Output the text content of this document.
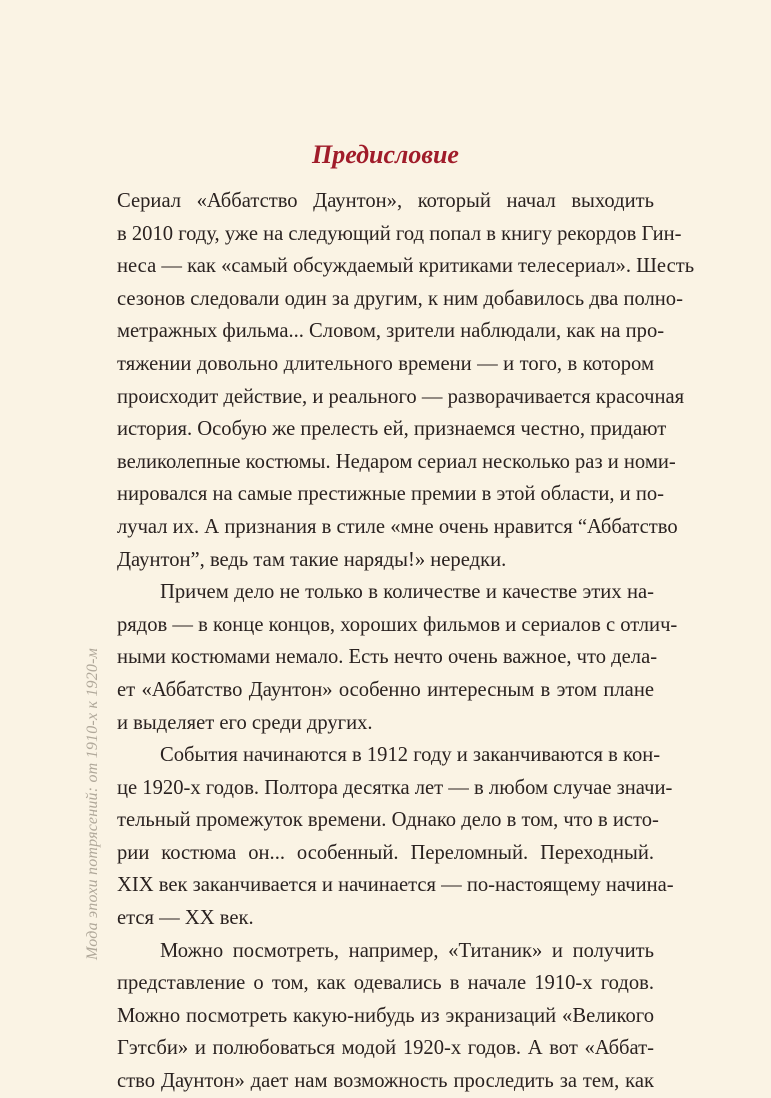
Мода эпохи потрясений: от 1910-х к 1920-м
Предисловие
Сериал «Аббатство Даунтон», который начал выходить
в 2010 году, уже на следующий год попал в книгу рекордов Гин-
неса — как «самый обсуждаемый критиками телесериал». Шесть
сезонов следовали один за другим, к ним добавилось два полно-
метражных фильма... Словом, зрители наблюдали, как на про-
тяжении довольно длительного времени — и того, в котором
происходит действие, и реального — разворачивается красочная
история. Особую же прелесть ей, признаемся честно, придают
великолепные костюмы. Недаром сериал несколько раз и номи-
нировался на самые престижные премии в этой области, и по-
лучал их. А признания в стиле «мне очень нравится “Аббатство
Даунтон”, ведь там такие наряды!» нередки.
Причем дело не только в количестве и качестве этих на-
рядов — в конце концов, хороших фильмов и сериалов с отлич-
ными костюмами немало. Есть нечто очень важное, что дела-
ет «Аббатство Даунтон» особенно интересным в этом плане
и выделяет его среди других.
События начинаются в 1912 году и заканчиваются в кон-
це 1920-х годов. Полтора десятка лет — в любом случае значи-
тельный промежуток времени. Однако дело в том, что в исто-
рии костюма он... особенный. Переломный. Переходный.
XIX век заканчивается и начинается — по-настоящему начина-
ется — XX век.
Можно посмотреть, например, «Титаник» и получить
представление о том, как одевались в начале 1910-х годов.
Можно посмотреть какую-нибудь из экранизаций «Великого
Гэтсби» и полюбоваться модой 1920-х годов. А вот «Аббат-
ство Даунтон» дает нам возможность проследить за тем, как
